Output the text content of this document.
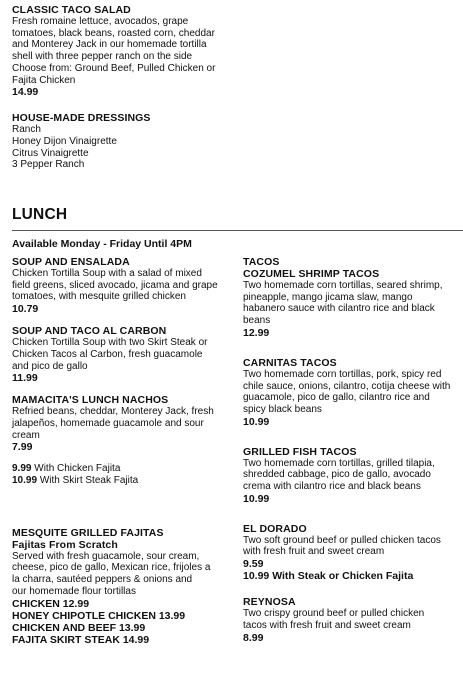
CLASSIC TACO SALAD
Fresh romaine lettuce, avocados, grape
tomatoes, black beans, roasted corn, cheddar
and Monterey Jack in our homemade tortilla
shell with three pepper ranch on the side
Choose from: Ground Beef, Pulled Chicken or
Fajita Chicken
14.99
HOUSE-MADE DRESSINGS
Ranch
Honey Dijon Vinaigrette
Citrus Vinaigrette
3 Pepper Ranch
LUNCH
Available Monday - Friday Until 4PM
SOUP AND ENSALADA
Chicken Tortilla Soup with a salad of mixed
field greens, sliced avocado, jicama and grape
tomatoes, with mesquite grilled chicken
10.79
SOUP AND TACO AL CARBON
Chicken Tortilla Soup with two Skirt Steak or
Chicken Tacos al Carbon, fresh guacamole
and pico de gallo
11.99
MAMACITA'S LUNCH NACHOS
Refried beans, cheddar, Monterey Jack, fresh
jalapeños, homemade guacamole and sour
cream
7.99
9.99 With Chicken Fajita
10.99 With Skirt Steak Fajita
MESQUITE GRILLED FAJITAS
Fajitas From Scratch
Served with fresh guacamole, sour cream,
cheese, pico de gallo, Mexican rice, frijoles a
la charra, sautéed peppers & onions and
our homemade flour tortillas
CHICKEN 12.99
HONEY CHIPOTLE CHICKEN 13.99
CHICKEN AND BEEF 13.99
FAJITA SKIRT STEAK 14.99
TACOS
COZUMEL SHRIMP TACOS
Two homemade corn tortillas, seared shrimp,
pineapple, mango jicama slaw, mango
habanero sauce with cilantro rice and black
beans
12.99
CARNITAS TACOS
Two homemade corn tortillas, pork, spicy red
chile sauce, onions, cilantro, cotija cheese with
guacamole, pico de gallo, cilantro rice and
spicy black beans
10.99
GRILLED FISH TACOS
Two homemade corn tortillas, grilled tilapia,
shredded cabbage, pico de gallo, avocado
crema with cilantro rice and black beans
10.99
EL DORADO
Two soft ground beef or pulled chicken tacos
with fresh fruit and sweet cream
9.59
10.99 With Steak or Chicken Fajita
REYNOSA
Two crispy ground beef or pulled chicken
tacos with fresh fruit and sweet cream
8.99
